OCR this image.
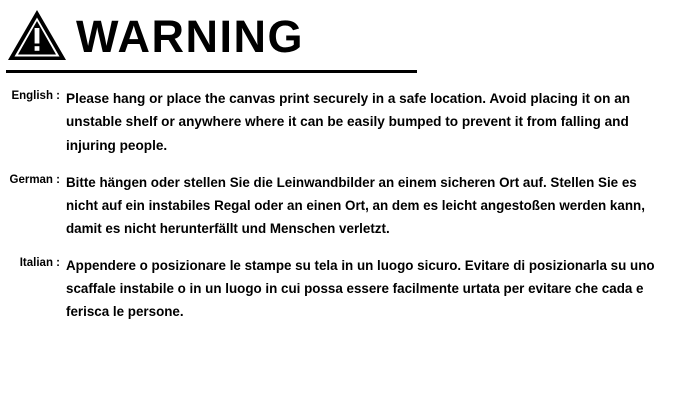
WARNING
English : Please hang or place the canvas print securely in a safe location. Avoid placing it on an unstable shelf or anywhere where it can be easily bumped to prevent it from falling and injuring people.
German : Bitte hängen oder stellen Sie die Leinwandbilder an einem sicheren Ort auf. Stellen Sie es nicht auf ein instabiles Regal oder an einen Ort, an dem es leicht angestoßen werden kann, damit es nicht herunterfällt und Menschen verletzt.
Italian : Appendere o posizionare le stampe su tela in un luogo sicuro. Evitare di posizionarla su uno scaffale instabile o in un luogo in cui possa essere facilmente urtata per evitare che cada e ferisca le persone.
